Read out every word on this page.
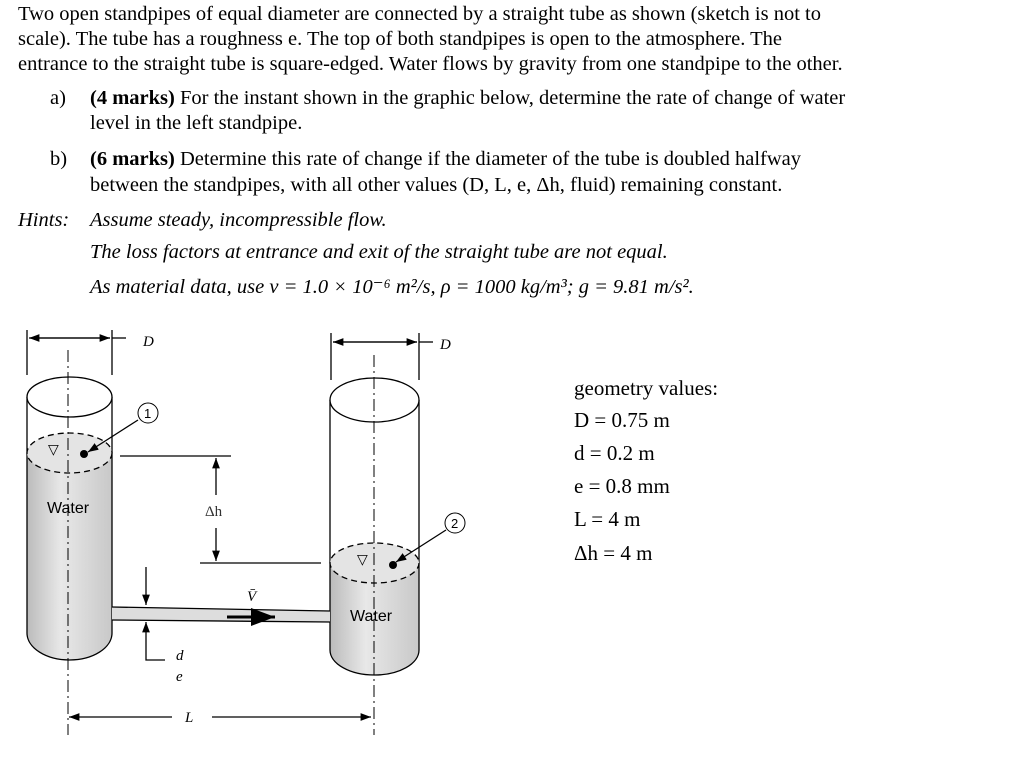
Two open standpipes of equal diameter are connected by a straight tube as shown (sketch is not to
scale). The tube has a roughness e. The top of both standpipes is open to the atmosphere. The
entrance to the straight tube is square-edged. Water flows by gravity from one standpipe to the other.
a) (4 marks) For the instant shown in the graphic below, determine the rate of change of water
level in the left standpipe.
b) (6 marks) Determine this rate of change if the diameter of the tube is doubled halfway
between the standpipes, with all other values (D, L, e, Δh, fluid) remaining constant.
Hints: Assume steady, incompressible flow.
The loss factors at entrance and exit of the straight tube are not equal.
As material data, use ν = 1.0 × 10⁻⁶ m²/s, ρ = 1000 kg/m³; g = 9.81 m/s².
▽
▽
D	D
Δh
V̄
d
e
L
Water
Water
1
2
geometry values:
D = 0.75 m
d = 0.2 m
e = 0.8 mm
L = 4 m
Δh = 4 m
